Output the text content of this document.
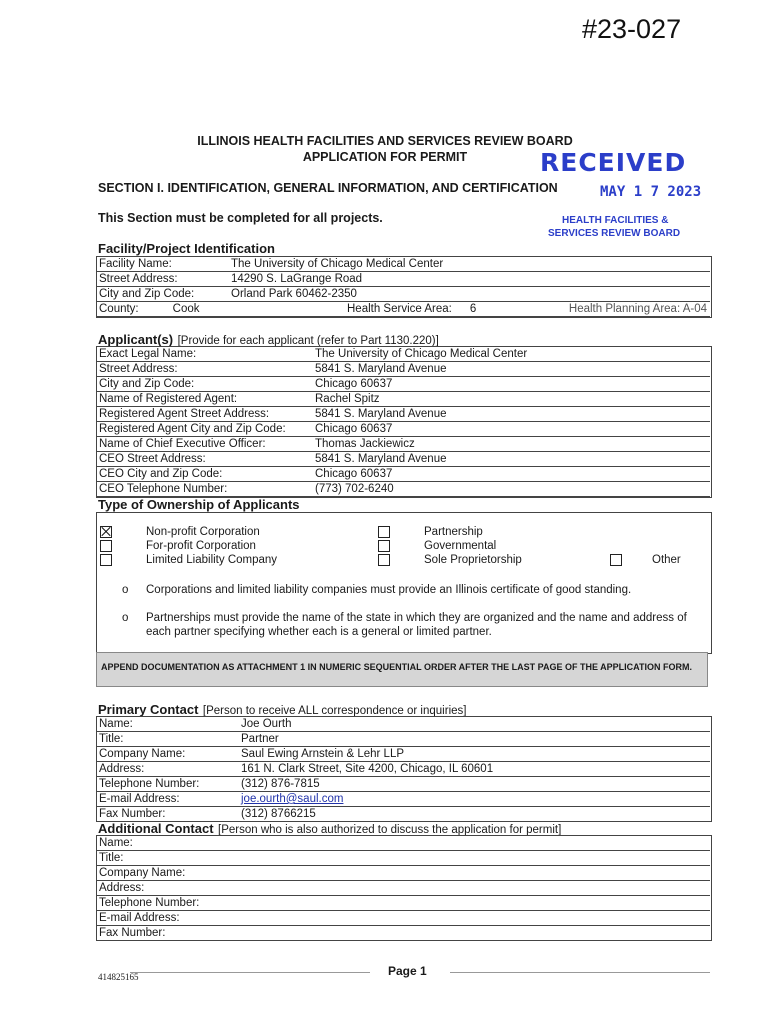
#23-027
ILLINOIS HEALTH FACILITIES AND SERVICES REVIEW BOARD
APPLICATION FOR PERMIT	RECEIVED
SECTION I. IDENTIFICATION, GENERAL INFORMATION, AND CERTIFICATION	MAY 1 7 2023
This Section must be completed for all projects.	HEALTH FACILITIES &
SERVICES REVIEW BOARD
Facility/Project Identification
Facility Name:	The University of Chicago Medical Center		
Street Address:	14290 S. LaGrange Road		
City and Zip Code:	Orland Park 60462-2350		
County: Cook		Health Service Area: 6	Health Planning Area: A-04
Applicant(s) [Provide for each applicant (refer to Part 1130.220)]
Exact Legal Name:	The University of Chicago Medical Center
Street Address:	5841 S. Maryland Avenue
City and Zip Code:	Chicago 60637
Name of Registered Agent:	Rachel Spitz
Registered Agent Street Address:	5841 S. Maryland Avenue
Registered Agent City and Zip Code:	Chicago 60637
Name of Chief Executive Officer:	Thomas Jackiewicz
CEO Street Address:	5841 S. Maryland Avenue
CEO City and Zip Code:	Chicago 60637
CEO Telephone Number:	(773) 702-6240
Type of Ownership of Applicants
Non-profit Corporation
For-profit Corporation
Limited Liability Company
Partnership
Governmental
Sole Proprietorship	Other
o Corporations and limited liability companies must provide an Illinois certificate of good standing.
o Partnerships must provide the name of the state in which they are organized and the name and address of each partner specifying whether each is a general or limited partner.
APPEND DOCUMENTATION AS ATTACHMENT 1 IN NUMERIC SEQUENTIAL ORDER AFTER THE LAST PAGE OF THE APPLICATION FORM.
Primary Contact [Person to receive ALL correspondence or inquiries]
Name:	Joe Ourth
Title:	Partner
Company Name:	Saul Ewing Arnstein & Lehr LLP
Address:	161 N. Clark Street, Site 4200, Chicago, IL 60601
Telephone Number:	(312) 876-7815
E-mail Address:	joe.ourth@saul.com
Fax Number:	(312) 8766215
Additional Contact [Person who is also authorized to discuss the application for permit]
Name:	
Title:	
Company Name:	
Address:	
Telephone Number:	
E-mail Address:	
Fax Number:	
414825165	Page 1
